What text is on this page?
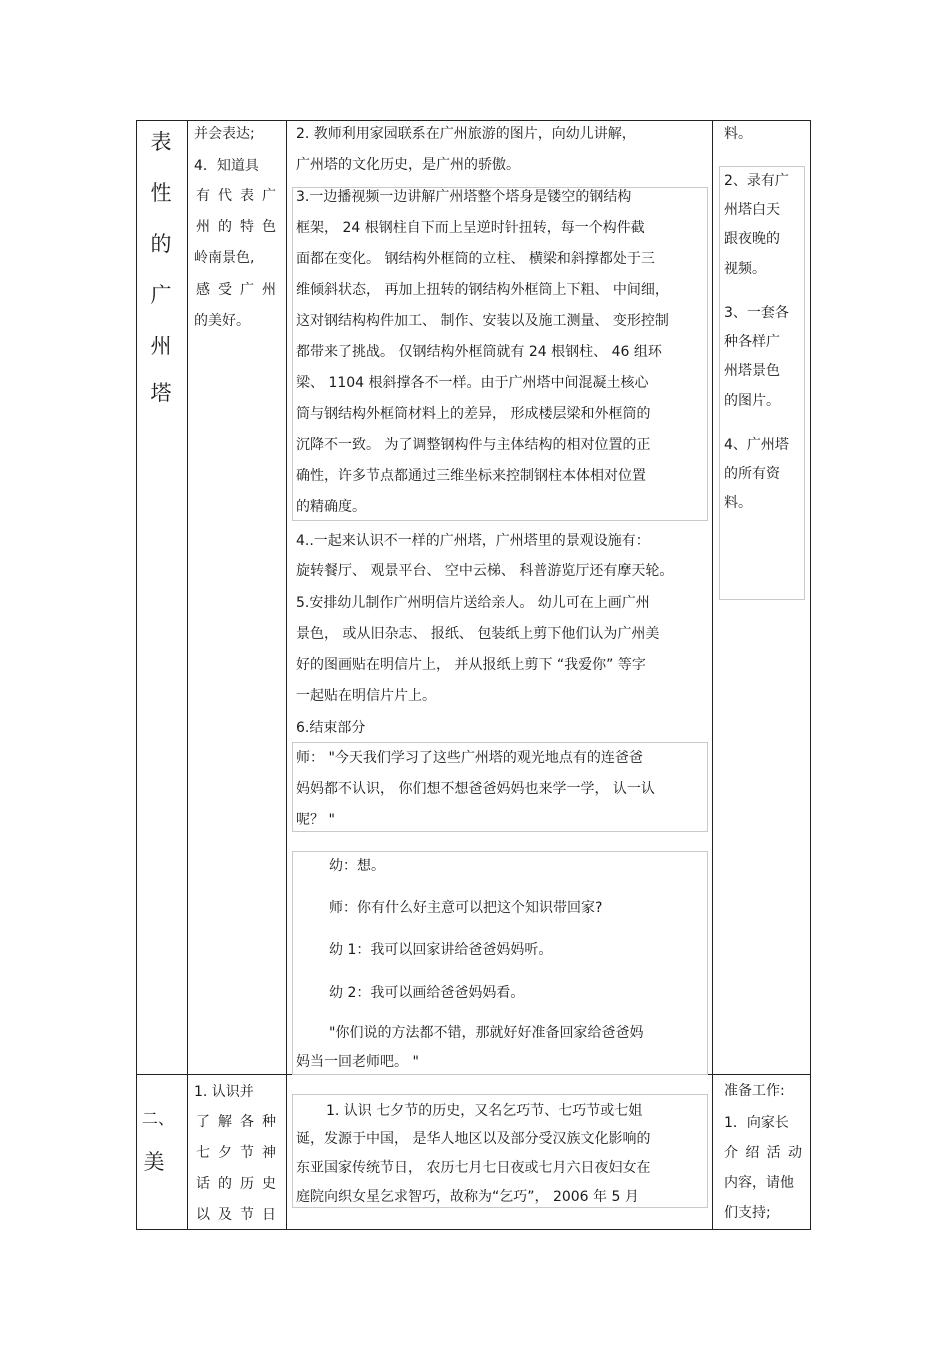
表
性
的
广
州
塔
二、
美
并会表达;
4．知道具
有 代 表 广
州 的 特 色
岭南景色,
感 受 广 州
的美好。
1. 认识并
了 解 各 种
七 夕 节 神
话 的 历 史
以 及 节 日
2. 教师利用家园联系在广州旅游的图片，向幼儿讲解，
广州塔的文化历史，是广州的骄傲。
3.一边播视频一边讲解广州塔整个塔身是镂空的钢结构
框架， 24 根钢柱自下而上呈逆时针扭转，每一个构件截
面都在变化。 钢结构外框筒的立柱、 横梁和斜撑都处于三
维倾斜状态， 再加上扭转的钢结构外框筒上下粗、 中间细，
这对钢结构构件加工、 制作、安装以及施工测量、 变形控制
都带来了挑战。 仅钢结构外框筒就有 24 根钢柱、 46 组环
梁、 1104 根斜撑各不一样。由于广州塔中间混凝土核心
筒与钢结构外框筒材料上的差异， 形成楼层梁和外框筒的
沉降不一致。 为了调整钢构件与主体结构的相对位置的正
确性，许多节点都通过三维坐标来控制钢柱本体相对位置
的精确度。
4..一起来认识不一样的广州塔，广州塔里的景观设施有：
旋转餐厅、 观景平台、 空中云梯、 科普游览厅还有摩天轮。
5.安排幼儿制作广州明信片送给亲人。 幼儿可在上画广州
景色， 或从旧杂志、 报纸、 包装纸上剪下他们认为广州美
好的图画贴在明信片上， 并从报纸上剪下 “我爱你” 等字
一起贴在明信片片上。
6.结束部分
师： "今天我们学习了这些广州塔的观光地点有的连爸爸
妈妈都不认识， 你们想不想爸爸妈妈也来学一学， 认一认
呢？ "
幼：想。
师：你有什么好主意可以把这个知识带回家?
幼 1：我可以回家讲给爸爸妈妈听。
幼 2：我可以画给爸爸妈妈看。
"你们说的方法都不错，那就好好准备回家给爸爸妈
妈当一回老师吧。 "
1. 认识 七夕节的历史，又名乞巧节、七巧节或七姐
诞，发源于中国， 是华人地区以及部分受汉族文化影响的
东亚国家传统节日， 农历七月七日夜或七月六日夜妇女在
庭院向织女星乞求智巧，故称为“乞巧”， 2006 年 5 月
料。
2、录有广
州塔白天
跟夜晚的
视频。
3、一套各
种各样广
州塔景色
的图片。
4、广州塔
的所有资
料。
准备工作:
1．向家长
介 绍 活 动
内容，请他
们支持;
